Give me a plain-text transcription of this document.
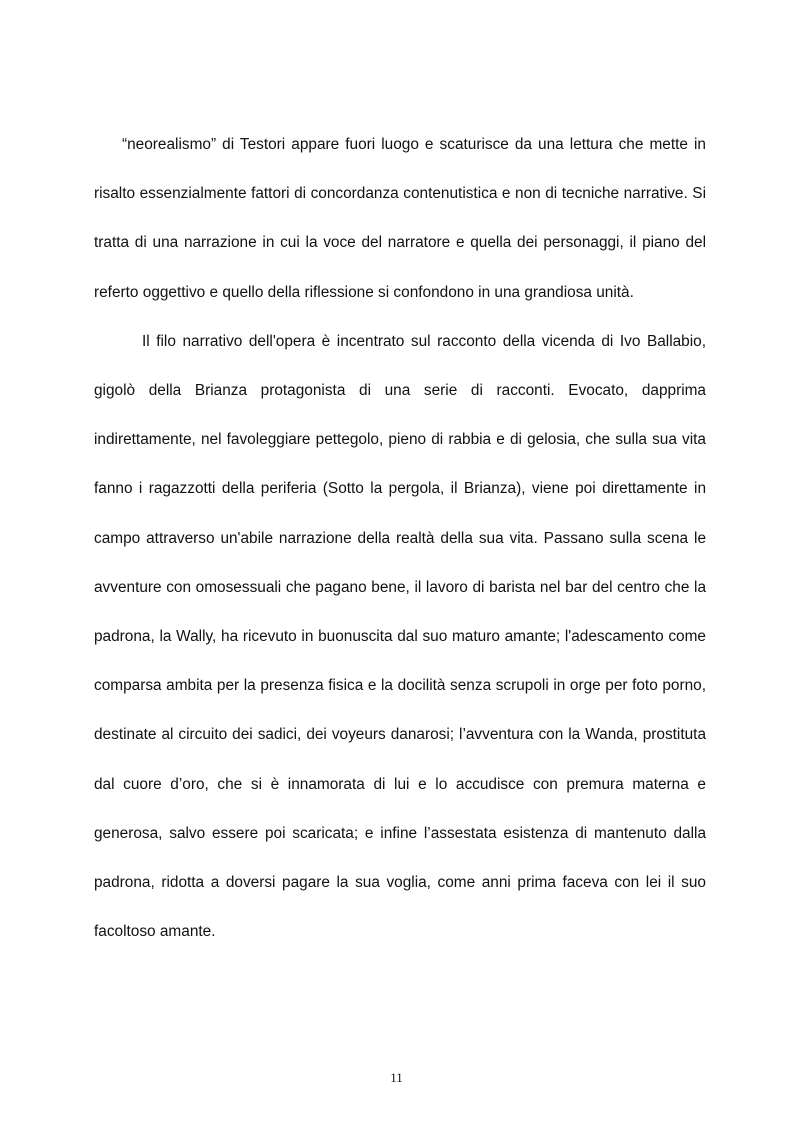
“neorealismo” di Testori appare fuori luogo e scaturisce da una lettura che mette in risalto essenzialmente fattori di concordanza contenutistica e non di tecniche narrative. Si tratta di una narrazione in cui la voce del narratore e quella dei personaggi, il piano del referto oggettivo e quello della riflessione si confondono in una grandiosa unità.

Il filo narrativo dell'opera è incentrato sul racconto della vicenda di Ivo Ballabio, gigolò della Brianza protagonista di una serie di racconti. Evocato, dapprima indirettamente, nel favoleggiare pettegolo, pieno di rabbia e di gelosia, che sulla sua vita fanno i ragazzotti della periferia (Sotto la pergola, il Brianza), viene poi direttamente in campo attraverso un'abile narrazione della realtà della sua vita. Passano sulla scena le avventure con omosessuali che pagano bene, il lavoro di barista nel bar del centro che la padrona, la Wally, ha ricevuto in buonuscita dal suo maturo amante; l'adescamento come comparsa ambita per la presenza fisica e la docilità senza scrupoli in orge per foto porno, destinate al circuito dei sadici, dei voyeurs danarosi; l’avventura con la Wanda, prostituta dal cuore d’oro, che si è innamorata di lui e lo accudisce con premura materna e generosa, salvo essere poi scaricata; e infine l’assestata esistenza di mantenuto dalla padrona, ridotta a doversi pagare la sua voglia, come anni prima faceva con lei il suo facoltoso amante.

11
